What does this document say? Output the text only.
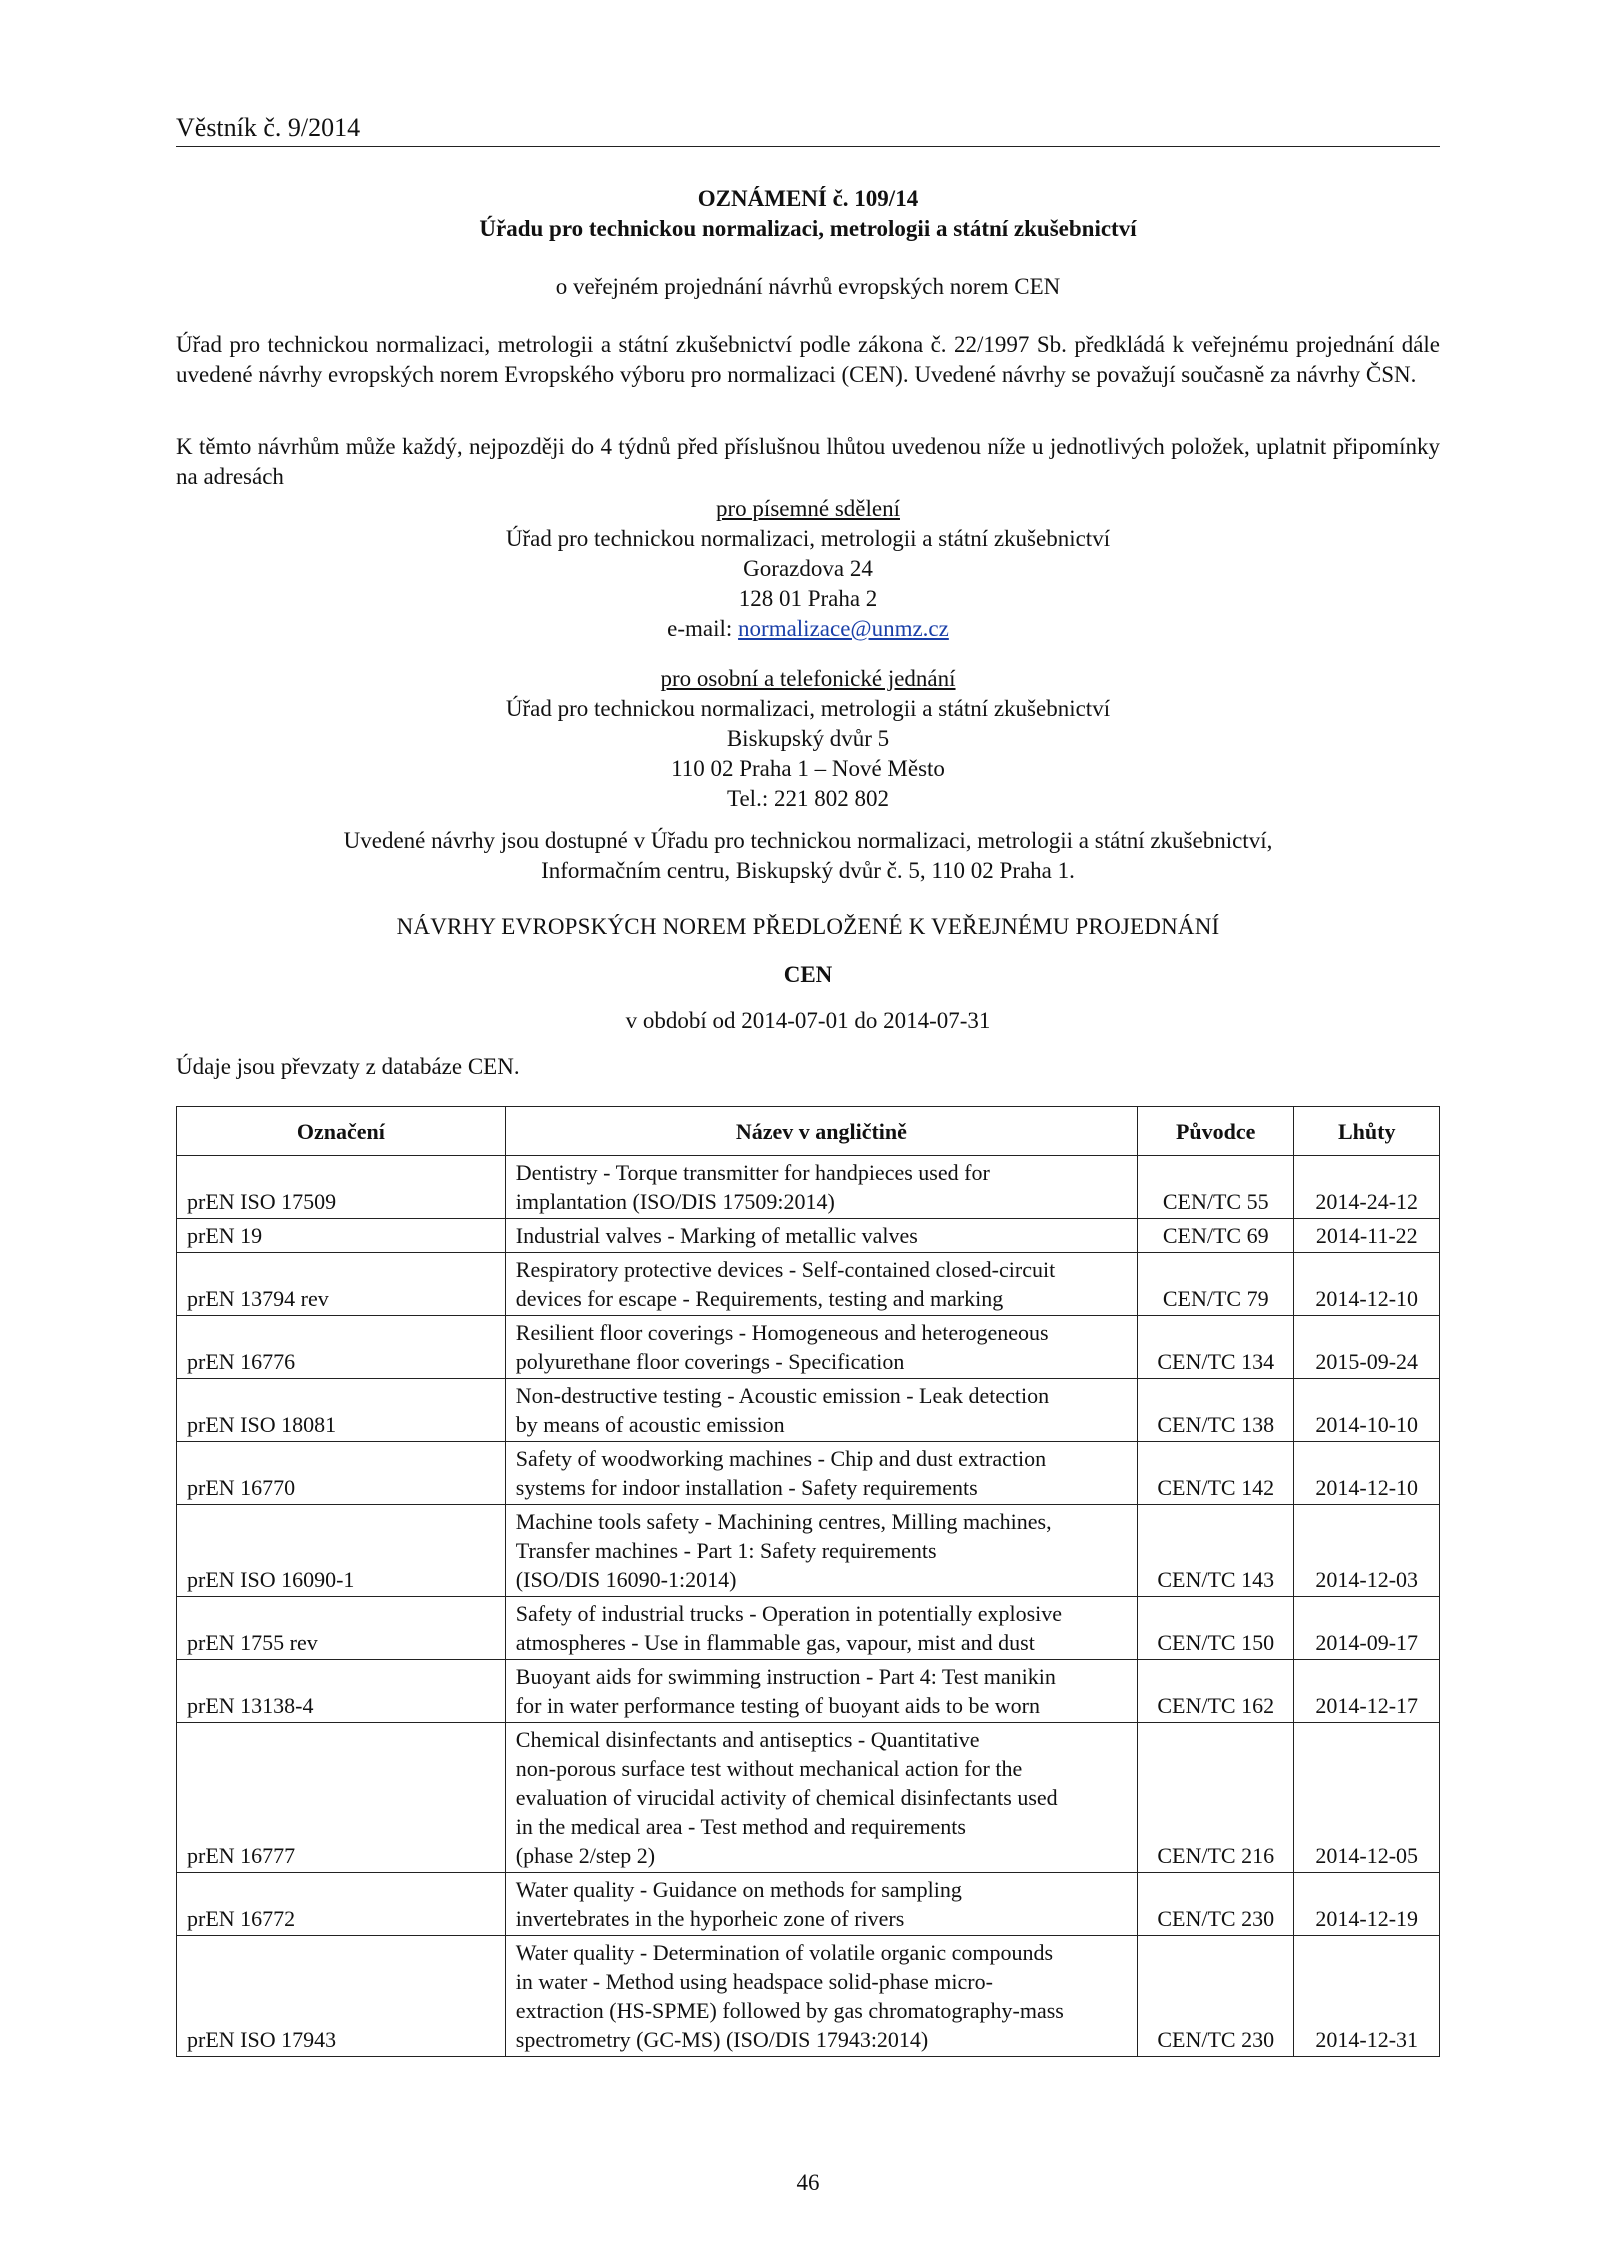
Věstník č. 9/2014
OZNÁMENÍ č. 109/14
Úřadu pro technickou normalizaci, metrologii a státní zkušebnictví
o veřejném projednání návrhů evropských norem CEN
Úřad pro technickou normalizaci, metrologii a státní zkušebnictví podle zákona č. 22/1997 Sb. předkládá k veřejnému projednání dále uvedené návrhy evropských norem Evropského výboru pro normalizaci (CEN). Uvedené návrhy se považují současně za návrhy ČSN.
K těmto návrhům může každý, nejpozději do 4 týdnů před příslušnou lhůtou uvedenou níže u jednotlivých položek, uplatnit připomínky na adresách
pro písemné sdělení
Úřad pro technickou normalizaci, metrologii a státní zkušebnictví
Gorazdova 24
128 01 Praha 2
e-mail: normalizace@unmz.cz
pro osobní a telefonické jednání
Úřad pro technickou normalizaci, metrologii a státní zkušebnictví
Biskupský dvůr 5
110 02 Praha 1 – Nové Město
Tel.: 221 802 802
Uvedené návrhy jsou dostupné v Úřadu pro technickou normalizaci, metrologii a státní zkušebnictví,
Informačním centru, Biskupský dvůr č. 5, 110 02 Praha 1.
NÁVRHY EVROPSKÝCH NOREM PŘEDLOŽENÉ K VEŘEJNÉMU PROJEDNÁNÍ
CEN
v období od 2014-07-01 do 2014-07-31
Údaje jsou převzaty z databáze CEN.
Označení	Název v angličtině	Původce	Lhůty
prEN ISO 17509	Dentistry - Torque transmitter for handpieces used for
implantation (ISO/DIS 17509:2014)	CEN/TC 55	2014-24-12
prEN 19	Industrial valves - Marking of metallic valves	CEN/TC 69	2014-11-22
prEN 13794 rev	Respiratory protective devices - Self-contained closed-circuit
devices for escape - Requirements, testing and marking	CEN/TC 79	2014-12-10
prEN 16776	Resilient floor coverings - Homogeneous and heterogeneous
polyurethane floor coverings - Specification	CEN/TC 134	2015-09-24
prEN ISO 18081	Non-destructive testing - Acoustic emission - Leak detection
by means of acoustic emission	CEN/TC 138	2014-10-10
prEN 16770	Safety of woodworking machines - Chip and dust extraction
systems for indoor installation - Safety requirements	CEN/TC 142	2014-12-10
prEN ISO 16090-1	Machine tools safety - Machining centres, Milling machines,
Transfer machines - Part 1: Safety requirements
(ISO/DIS 16090-1:2014)	CEN/TC 143	2014-12-03
prEN 1755 rev	Safety of industrial trucks - Operation in potentially explosive
atmospheres - Use in flammable gas, vapour, mist and dust	CEN/TC 150	2014-09-17
prEN 13138-4	Buoyant aids for swimming instruction - Part 4: Test manikin
for in water performance testing of buoyant aids to be worn	CEN/TC 162	2014-12-17
prEN 16777	Chemical disinfectants and antiseptics - Quantitative
non-porous surface test without mechanical action for the
evaluation of virucidal activity of chemical disinfectants used
in the medical area - Test method and requirements
(phase 2/step 2)	CEN/TC 216	2014-12-05
prEN 16772	Water quality - Guidance on methods for sampling
invertebrates in the hyporheic zone of rivers	CEN/TC 230	2014-12-19
prEN ISO 17943	Water quality - Determination of volatile organic compounds
in water - Method using headspace solid-phase micro-
extraction (HS-SPME) followed by gas chromatography-mass
spectrometry (GC-MS) (ISO/DIS 17943:2014)	CEN/TC 230	2014-12-31
46
